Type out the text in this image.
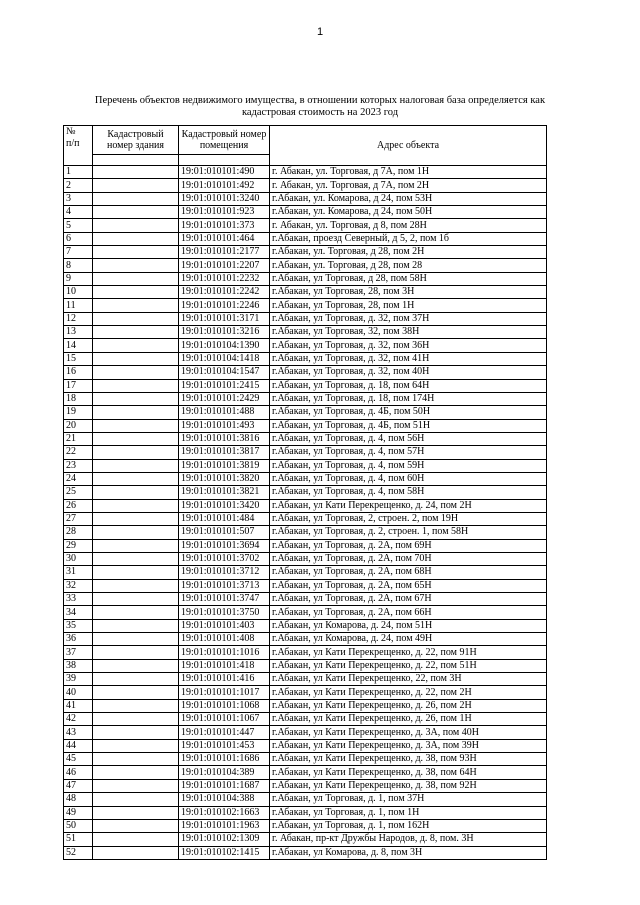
1
Перечень объектов недвижимого имущества, в отношении которых налоговая база определяется как
кадастровая стоимость на 2023 год
№
п/п	Кадастровый номер здания	Кадастровый номер помещения	Адрес объекта

1		19:01:010101:490	г. Абакан, ул. Торговая, д 7А, пом 1Н
2		19:01:010101:492	г. Абакан, ул. Торговая, д 7А, пом 2Н
3		19:01:010101:3240	г.Абакан, ул. Комарова, д 24, пом 53Н
4		19:01:010101:923	г.Абакан, ул. Комарова, д 24, пом 50Н
5		19:01:010101:373	г. Абакан, ул. Торговая, д 8, пом 28Н
6		19:01:010101:464	г.Абакан, проезд Северный, д 5, 2, пом 1б
7		19:01:010101:2177	г.Абакан, ул. Торговая, д 28, пом 2Н
8		19:01:010101:2207	г.Абакан, ул. Торговая, д 28, пом 28
9		19:01:010101:2232	г.Абакан, ул Торговая, д 28, пом 58Н
10		19:01:010101:2242	г.Абакан, ул Торговая, 28, пом 3Н
11		19:01:010101:2246	г.Абакан, ул Торговая, 28, пом 1Н
12		19:01:010101:3171	г.Абакан, ул Торговая, д. 32, пом 37Н
13		19:01:010101:3216	г.Абакан, ул Торговая, 32, пом 38Н
14		19:01:010104:1390	г.Абакан, ул Торговая, д. 32, пом 36Н
15		19:01:010104:1418	г.Абакан, ул Торговая, д. 32, пом 41Н
16		19:01:010104:1547	г.Абакан, ул Торговая, д. 32, пом 40Н
17		19:01:010101:2415	г.Абакан, ул Торговая, д. 18, пом 64Н
18		19:01:010101:2429	г.Абакан, ул Торговая, д. 18, пом 174Н
19		19:01:010101:488	г.Абакан, ул Торговая, д. 4Б, пом 50Н
20		19:01:010101:493	г.Абакан, ул Торговая, д. 4Б, пом 51Н
21		19:01:010101:3816	г.Абакан, ул Торговая, д. 4, пом 56Н
22		19:01:010101:3817	г.Абакан, ул Торговая, д. 4, пом 57Н
23		19:01:010101:3819	г.Абакан, ул Торговая, д. 4, пом 59Н
24		19:01:010101:3820	г.Абакан, ул Торговая, д. 4, пом 60Н
25		19:01:010101:3821	г.Абакан, ул Торговая, д. 4, пом 58Н
26		19:01:010101:3420	г.Абакан, ул Кати Перекрещенко, д. 24, пом 2Н
27		19:01:010101:484	г.Абакан, ул Торговая, 2, строен. 2, пом 19Н
28		19:01:010101:507	г.Абакан, ул Торговая, д. 2, строен. 1, пом 58Н
29		19:01:010101:3694	г.Абакан, ул Торговая, д. 2А, пом 69Н
30		19:01:010101:3702	г.Абакан, ул Торговая, д. 2А, пом 70Н
31		19:01:010101:3712	г.Абакан, ул Торговая, д. 2А, пом 68Н
32		19:01:010101:3713	г.Абакан, ул Торговая, д. 2А, пом 65Н
33		19:01:010101:3747	г.Абакан, ул Торговая, д. 2А, пом 67Н
34		19:01:010101:3750	г.Абакан, ул Торговая, д. 2А, пом 66Н
35		19:01:010101:403	г.Абакан, ул Комарова, д. 24, пом 51Н
36		19:01:010101:408	г.Абакан, ул Комарова, д. 24, пом 49Н
37		19:01:010101:1016	г.Абакан, ул Кати Перекрещенко, д. 22, пом 91Н
38		19:01:010101:418	г.Абакан, ул Кати Перекрещенко, д. 22, пом 51Н
39		19:01:010101:416	г.Абакан, ул Кати Перекрещенко, 22, пом 3Н
40		19:01:010101:1017	г.Абакан, ул Кати Перекрещенко, д. 22, пом 2Н
41		19:01:010101:1068	г.Абакан, ул Кати Перекрещенко, д. 26, пом 2Н
42		19:01:010101:1067	г.Абакан, ул Кати Перекрещенко, д. 26, пом 1Н
43		19:01:010101:447	г.Абакан, ул Кати Перекрещенко, д. 3А, пом 40Н
44		19:01:010101:453	г.Абакан, ул Кати Перекрещенко, д. 3А, пом 39Н
45		19:01:010101:1686	г.Абакан, ул Кати Перекрещенко, д. 38, пом 93Н
46		19:01:010104:389	г.Абакан, ул Кати Перекрещенко, д. 38, пом 64Н
47		19:01:010101:1687	г.Абакан, ул Кати Перекрещенко, д. 38, пом 92Н
48		19:01:010104:388	г.Абакан, ул Торговая, д. 1, пом 37Н
49		19:01:010102:1663	г.Абакан, ул Торговая, д. 1, пом 1Н
50		19:01:010101:1963	г.Абакан, ул Торговая, д. 1, пом 162Н
51		19:01:010102:1309	г. Абакан, пр-кт Дружбы Народов, д. 8, пом. 3Н
52		19:01:010102:1415	г.Абакан, ул Комарова, д. 8, пом 3Н
